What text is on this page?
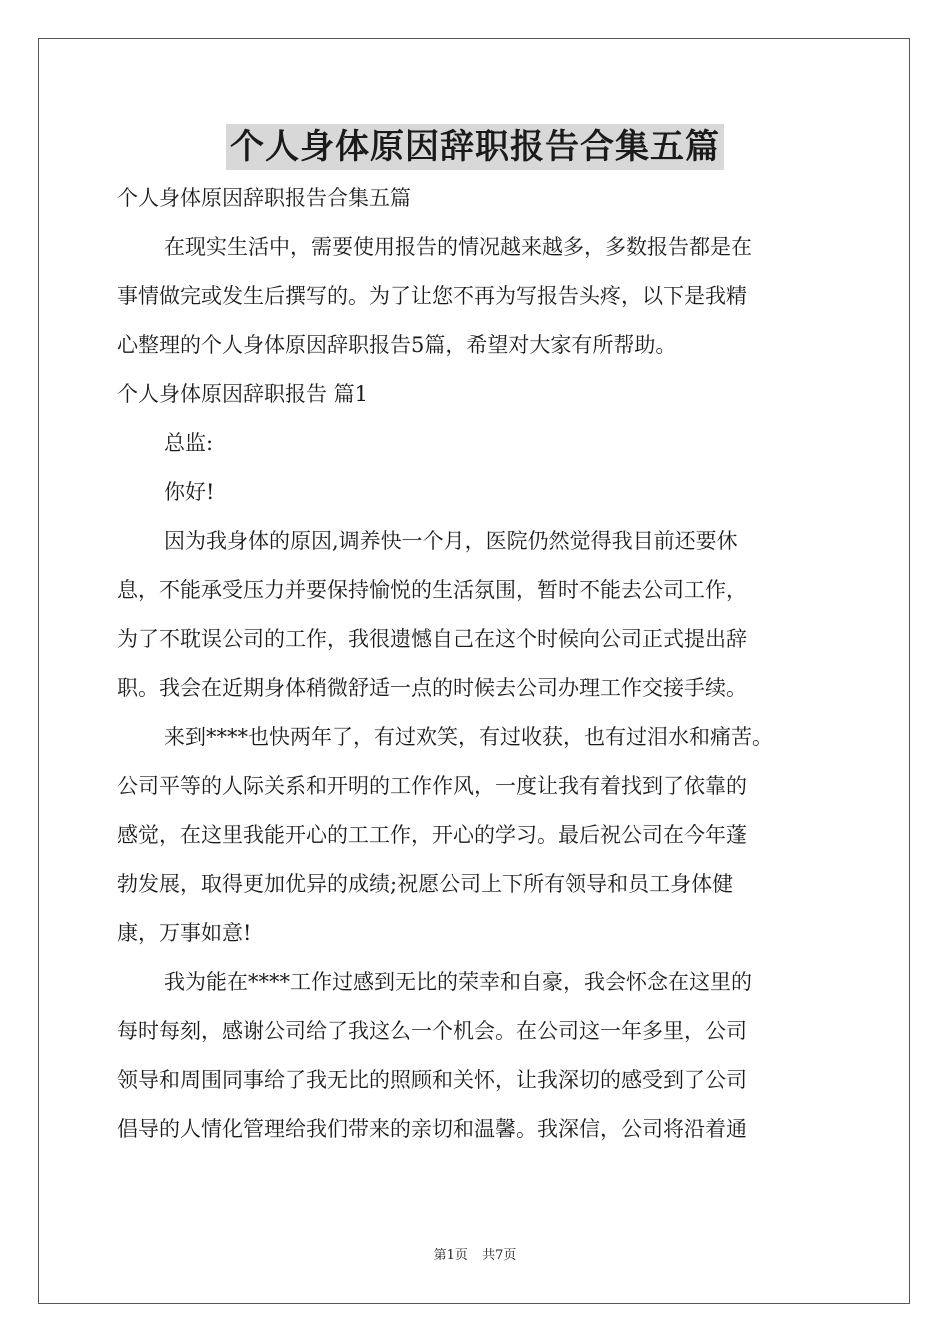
个人身体原因辞职报告合集五篇
个人身体原因辞职报告合集五篇
在现实生活中，需要使用报告的情况越来越多，多数报告都是在
事情做完或发生后撰写的。为了让您不再为写报告头疼，以下是我精
心整理的个人身体原因辞职报告5篇，希望对大家有所帮助。
个人身体原因辞职报告 篇1
总监:
你好!
因为我身体的原因,调养快一个月，医院仍然觉得我目前还要休
息，不能承受压力并要保持愉悦的生活氛围，暂时不能去公司工作，
为了不耽误公司的工作，我很遗憾自己在这个时候向公司正式提出辞
职。我会在近期身体稍微舒适一点的时候去公司办理工作交接手续。
来到****也快两年了，有过欢笑，有过收获，也有过泪水和痛苦。
公司平等的人际关系和开明的工作作风，一度让我有着找到了依靠的
感觉，在这里我能开心的工工作，开心的学习。最后祝公司在今年蓬
勃发展，取得更加优异的成绩;祝愿公司上下所有领导和员工身体健
康，万事如意!
我为能在****工作过感到无比的荣幸和自豪，我会怀念在这里的
每时每刻，感谢公司给了我这么一个机会。在公司这一年多里，公司
领导和周围同事给了我无比的照顾和关怀，让我深切的感受到了公司
倡导的人情化管理给我们带来的亲切和温馨。我深信，公司将沿着通
第1页 共7页
